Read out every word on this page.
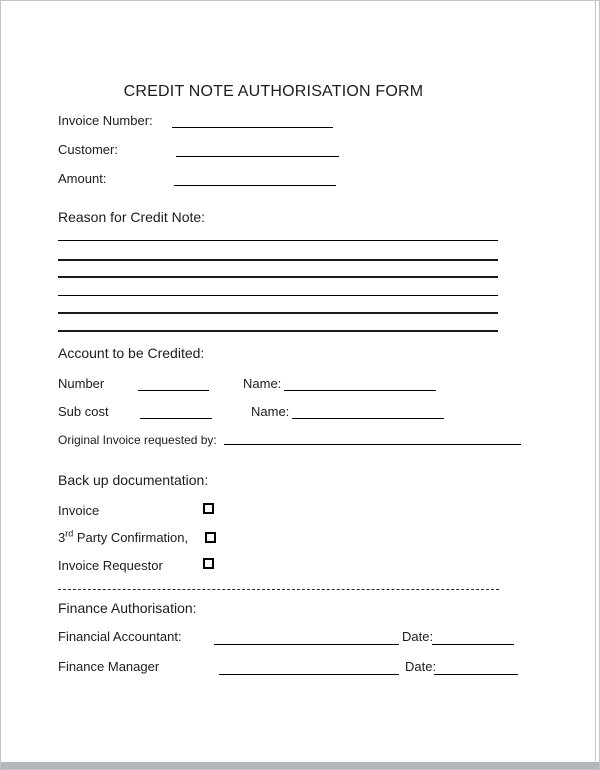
CREDIT NOTE AUTHORISATION FORM
Invoice Number:
Customer:
Amount:
Reason for Credit Note:
Account to be Credited:
Number	Name:
Sub cost	Name:
Original Invoice requested by:
Back up documentation:
Invoice
3rd Party Confirmation,
Invoice Requestor
Finance Authorisation:
Financial Accountant:	Date:
Finance Manager	Date:
